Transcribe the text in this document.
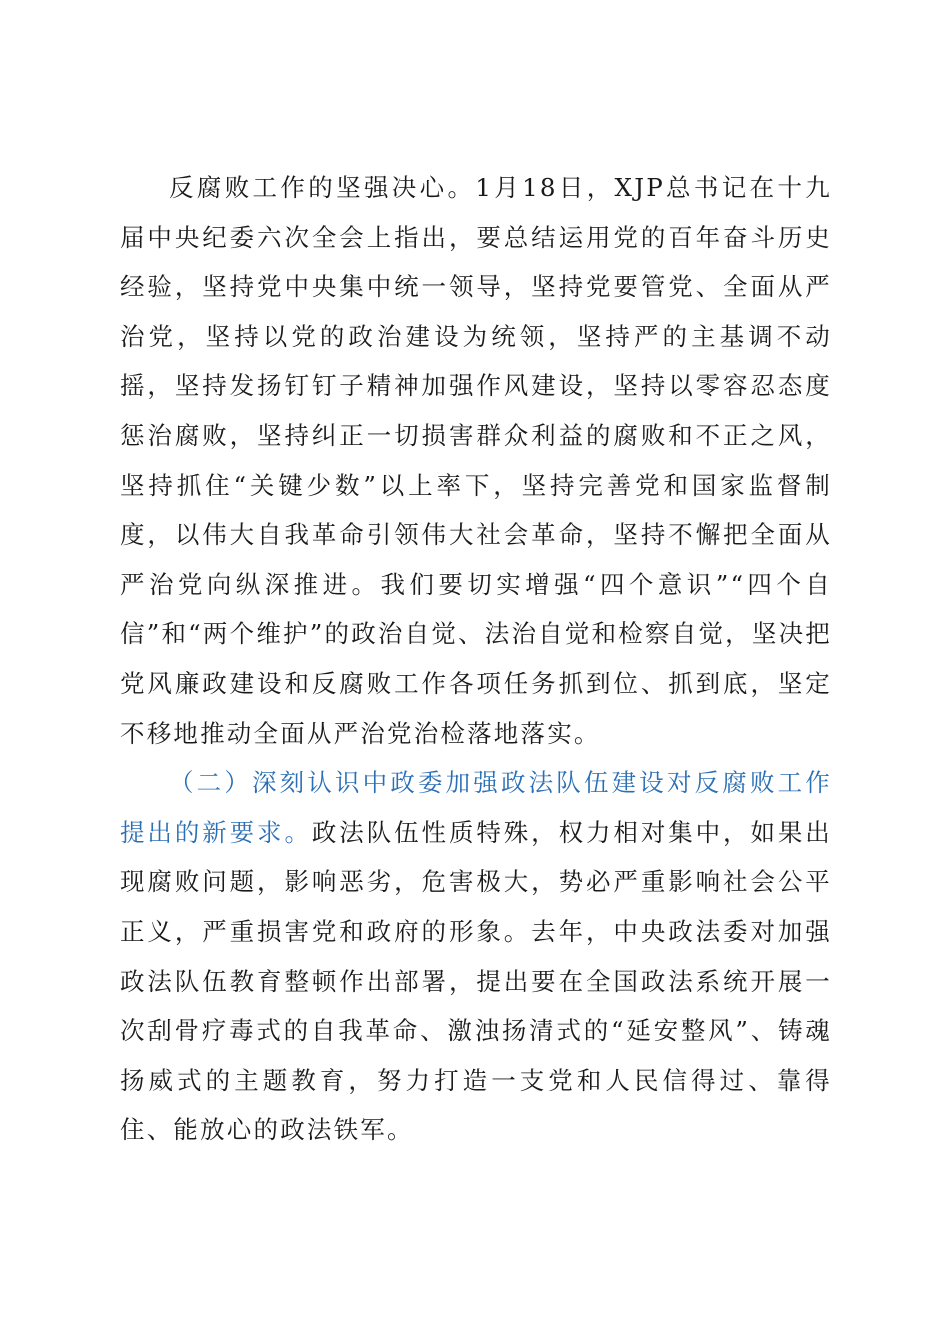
反腐败工作的坚强决心。1月18日，XJP总书记在十九届中央纪委六次全会上指出，要总结运用党的百年奋斗历史经验，坚持党中央集中统一领导，坚持党要管党、全面从严治党，坚持以党的政治建设为统领，坚持严的主基调不动摇，坚持发扬钉钉子精神加强作风建设，坚持以零容忍态度惩治腐败，坚持纠正一切损害群众利益的腐败和不正之风，坚持抓住“关键少数”以上率下，坚持完善党和国家监督制度，以伟大自我革命引领伟大社会革命，坚持不懈把全面从严治党向纵深推进。我们要切实增强“四个意识”“四个自信”和“两个维护”的政治自觉、法治自觉和检察自觉，坚决把党风廉政建设和反腐败工作各项任务抓到位、抓到底，坚定不移地推动全面从严治党治检落地落实。

（二）深刻认识中政委加强政法队伍建设对反腐败工作提出的新要求。政法队伍性质特殊，权力相对集中，如果出现腐败问题，影响恶劣，危害极大，势必严重影响社会公平正义，严重损害党和政府的形象。去年，中央政法委对加强政法队伍教育整顿作出部署，提出要在全国政法系统开展一次刮骨疗毒式的自我革命、激浊扬清式的“延安整风”、铸魂扬威式的主题教育，努力打造一支党和人民信得过、靠得住、能放心的政法铁军。
